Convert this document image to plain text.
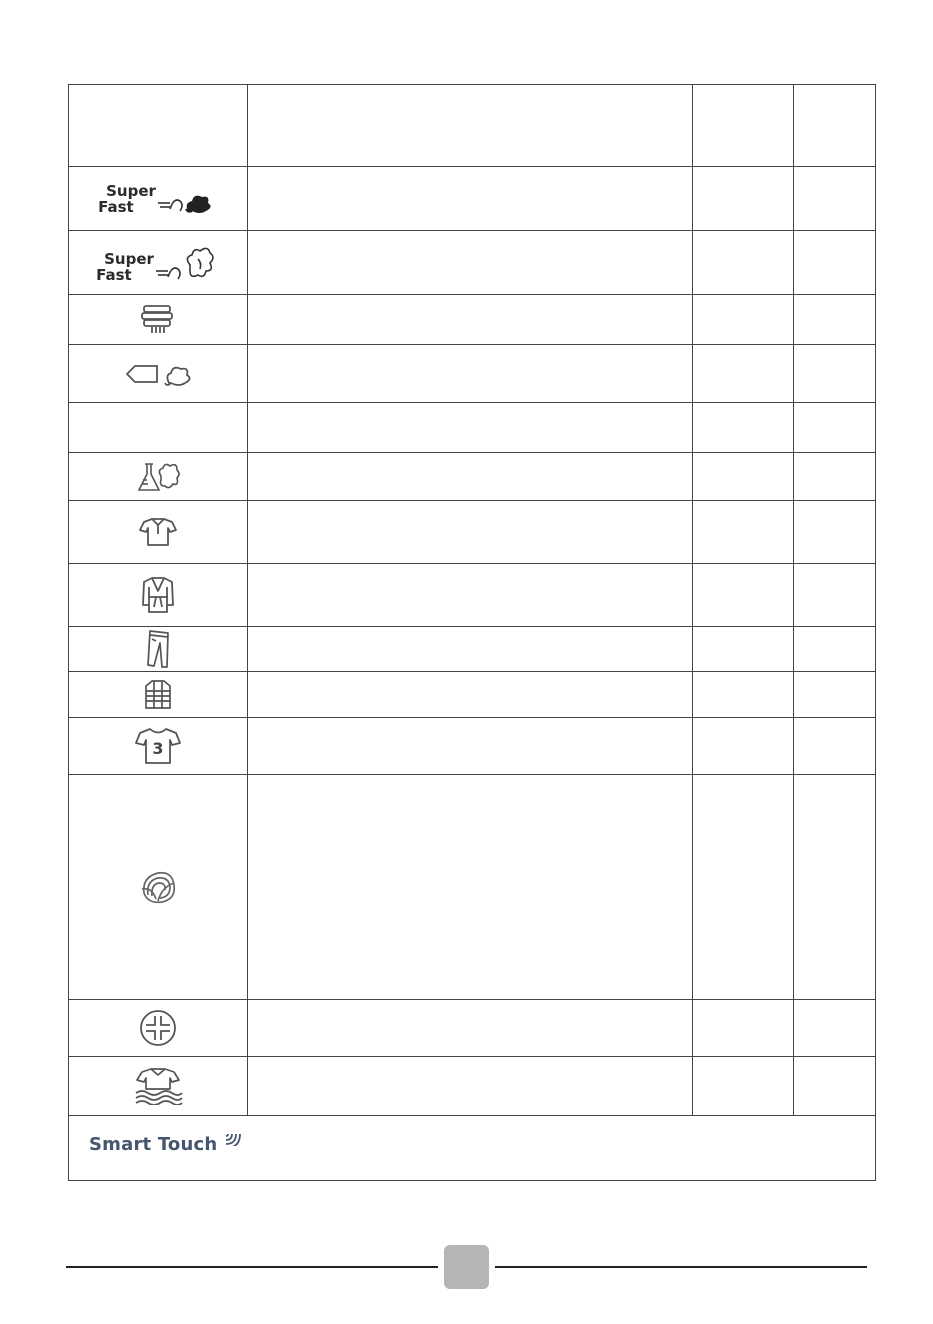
Super
Fast
Super
Fast
3
Smart Touch
